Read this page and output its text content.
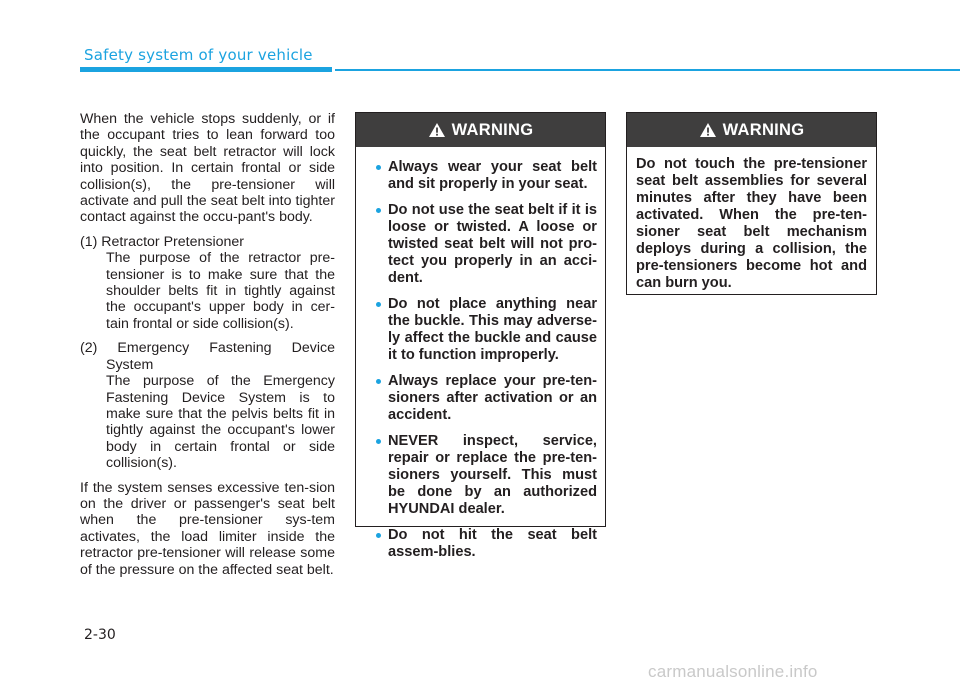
Safety system of your vehicle

When the vehicle stops suddenly, or if the occupant tries to lean forward too quickly, the seat belt retractor will lock into position. In certain frontal or side collision(s), the pre-tensioner will activate and pull the seat belt into tighter contact against the occu-pant's body.

(1) Retractor Pretensioner

The purpose of the retractor pre-tensioner is to make sure that the shoulder belts fit in tightly against the occupant's upper body in cer-tain frontal or side collision(s).

(2) Emergency Fastening Device System

The purpose of the Emergency Fastening Device System is to make sure that the pelvis belts fit in tightly against the occupant's lower body in certain frontal or side collision(s).

If the system senses excessive ten-sion on the driver or passenger's seat belt when the pre-tensioner sys-tem activates, the load limiter inside the retractor pre-tensioner will release some of the pressure on the affected seat belt.

WARNING
Always wear your seat belt and sit properly in your seat.
Do not use the seat belt if it is loose or twisted. A loose or twisted seat belt will not pro-tect you properly in an acci-dent.
Do not place anything near the buckle. This may adverse-ly affect the buckle and cause it to function improperly.
Always replace your pre-ten-sioners after activation or an accident.
NEVER inspect, service, repair or replace the pre-ten-sioners yourself. This must be done by an authorized HYUNDAI dealer.
Do not hit the seat belt assem-blies.
WARNING
Do not touch the pre-tensioner seat belt assemblies for several minutes after they have been activated. When the pre-ten-sioner seat belt mechanism deploys during a collision, the pre-tensioners become hot and can burn you.
2-30
carmanualsonline.info
